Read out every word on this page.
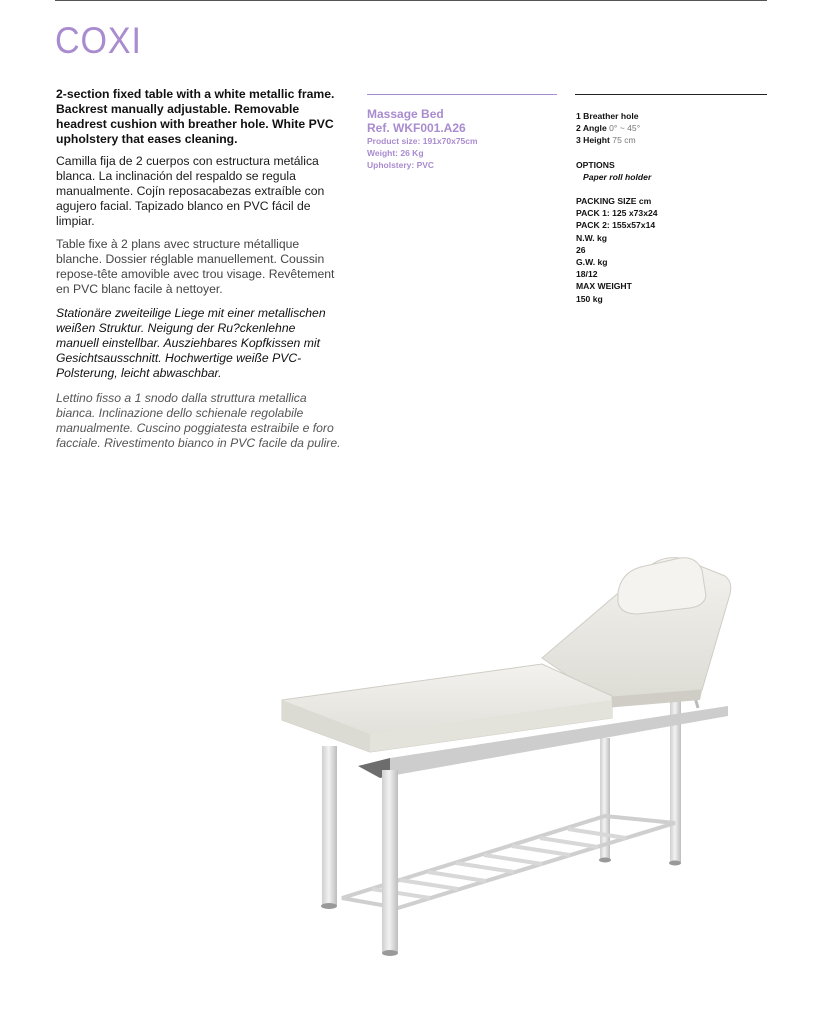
COXI

2-section fixed table with a white metallic frame. Backrest manually adjustable. Removable headrest cushion with breather hole. White PVC upholstery that eases cleaning.

Camilla fija de 2 cuerpos con estructura metálica blanca. La inclinación del respaldo se regula manualmente. Cojín reposacabezas extraíble con agujero facial. Tapizado blanco en PVC fácil de limpiar.

Table fixe à 2 plans avec structure métallique blanche. Dossier réglable manuellement. Coussin repose-tête amovible avec trou visage. Revêtement en PVC blanc facile à nettoyer.

Stationäre zweiteilige Liege mit einer metallischen weißen Struktur. Neigung der Ru?ckenlehne manuell einstellbar. Ausziehbares Kopfkissen mit Gesichtsausschnitt. Hochwertige weiße PVC- Polsterung, leicht abwaschbar.

Lettino fisso a 1 snodo dalla struttura metallica bianca. Inclinazione dello schienale regolabile manualmente. Cuscino poggiatesta estraibile e foro facciale. Rivestimento bianco in PVC facile da pulire.

Massage Bed
Ref. WKF001.A26
Product size: 191x70x75cm
Weight: 26 Kg
Upholstery: PVC
1 Breather hole
2 Angle 0° ~ 45°
3 Height 75 cm
OPTIONS
Paper roll holder
PACKING SIZE cm
PACK 1: 125 x73x24
PACK 2: 155x57x14
N.W. kg
26
G.W. kg
18/12
MAX WEIGHT
150 kg
